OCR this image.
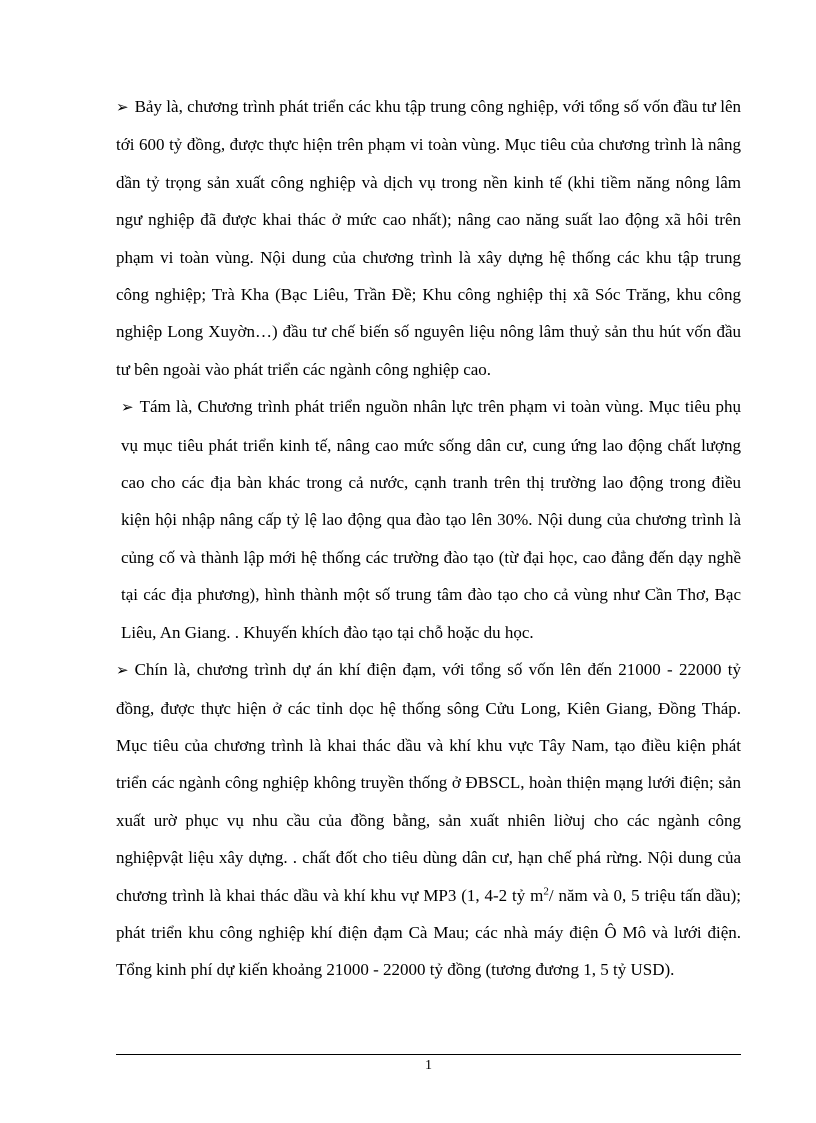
➢ Bảy là, chương trình phát triển các khu tập trung công nghiệp, với tổng số vốn đầu tư lên tới 600 tỷ đồng, được thực hiện trên phạm vi toàn vùng. Mục tiêu của chương trình là nâng dần tỷ trọng sản xuất công nghiệp và dịch vụ trong nền kinh tế (khi tiềm năng nông lâm ngư nghiệp đã được khai thác ở mức cao nhất); nâng cao năng suất lao động xã hôi trên phạm vi toàn vùng. Nội dung của chương trình là xây dựng hệ thống các khu tập trung công nghiệp; Trà Kha (Bạc Liêu, Trần Đề; Khu công nghiệp thị xã Sóc Trăng, khu công nghiệp Long Xuyờn…) đầu tư chế biến số nguyên liệu nông lâm thuỷ sản thu hút vốn đầu tư bên ngoài vào phát triển các ngành công nghiệp cao.

➢ Tám là, Chương trình phát triển nguồn nhân lực trên phạm vi toàn vùng. Mục tiêu phụ vụ mục tiêu phát triển kinh tế, nâng cao mức sống dân cư, cung ứng lao động chất lượng cao cho các địa bàn khác trong cả nước, cạnh tranh trên thị trường lao động trong điều kiện hội nhập nâng cấp tỷ lệ lao động qua đào tạo lên 30%. Nội dung của chương trình là củng cố và thành lập mới hệ thống các trường đào tạo (từ đại học, cao đẳng đến dạy nghề tại các địa phương), hình thành một số trung tâm đào tạo cho cả vùng như Cần Thơ, Bạc Liêu, An Giang. . Khuyến khích đào tạo tại chỗ hoặc du học.

➢ Chín là, chương trình dự án khí điện đạm, với tổng số vốn lên đến 21000 - 22000 tỷ đồng, được thực hiện ở các tỉnh dọc hệ thống sông Cửu Long, Kiên Giang, Đồng Tháp. Mục tiêu của chương trình là khai thác dầu và khí khu vực Tây Nam, tạo điều kiện phát triển các ngành công nghiệp không truyền thống ở ĐBSCL, hoàn thiện mạng lưới điện; sản xuất urờ phục vụ nhu cầu của đồng bằng, sản xuất nhiên liờuj cho các ngành công nghiệpvật liệu xây dựng. . chất đốt cho tiêu dùng dân cư, hạn chế phá rừng. Nội dung của chương trình là khai thác dầu và khí khu vự MP3 (1, 4-2 tỷ $m^2/$ năm và 0, 5 triệu tấn dầu); phát triển khu công nghiệp khí điện đạm Cà Mau; các nhà máy điện Ô Mô và lưới điện. Tổng kinh phí dự kiến khoảng 21000 - 22000 tỷ đồng (tương đương 1, 5 tỷ USD).

1
